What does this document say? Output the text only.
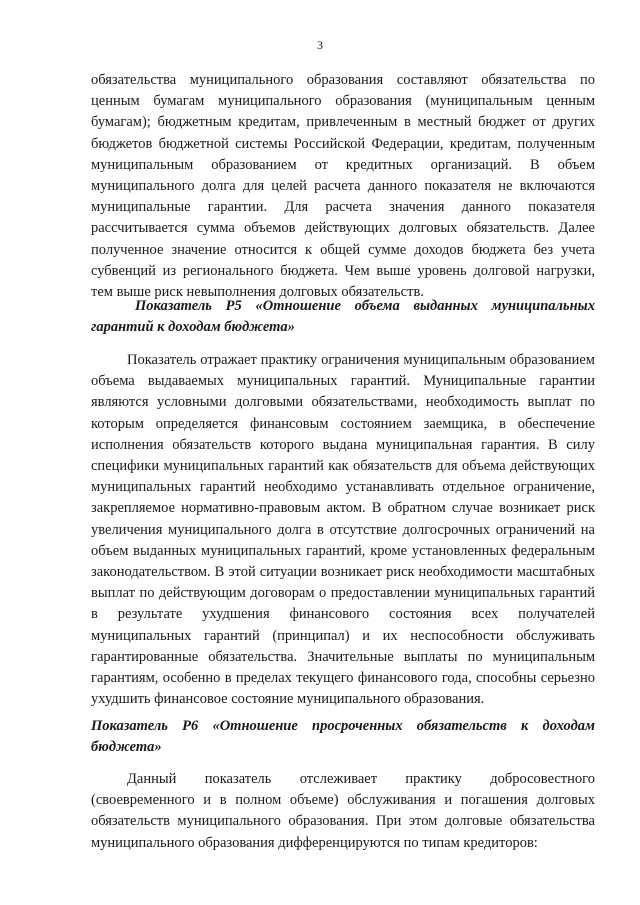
3

обязательства муниципального образования составляют обязательства по ценным бумагам муниципального образования (муниципальным ценным бумагам); бюджетным кредитам, привлеченным в местный бюджет от других бюджетов бюджетной системы Российской Федерации, кредитам, полученным муниципальным образованием от кредитных организаций. В объем муниципального долга для целей расчета данного показателя не включаются муниципальные гарантии. Для расчета значения данного показателя рассчитывается сумма объемов действующих долговых обязательств. Далее полученное значение относится к общей сумме доходов бюджета без учета субвенций из регионального бюджета. Чем выше уровень долговой нагрузки, тем выше риск невыполнения долговых обязательств.

Показатель Р5 «Отношение объема выданных муниципальных гарантий к доходам бюджета»

Показатель отражает практику ограничения муниципальным образованием объема выдаваемых муниципальных гарантий. Муниципальные гарантии являются условными долговыми обязательствами, необходимость выплат по которым определяется финансовым состоянием заемщика, в обеспечение исполнения обязательств которого выдана муниципальная гарантия. В силу специфики муниципальных гарантий как обязательств для объема действующих муниципальных гарантий необходимо устанавливать отдельное ограничение, закрепляемое нормативно-правовым актом. В обратном случае возникает риск увеличения муниципального долга в отсутствие долгосрочных ограничений на объем выданных муниципальных гарантий, кроме установленных федеральным законодательством. В этой ситуации возникает риск необходимости масштабных выплат по действующим договорам о предоставлении муниципальных гарантий в результате ухудшения финансового состояния всех получателей муниципальных гарантий (принципал) и их неспособности обслуживать гарантированные обязательства. Значительные выплаты по муниципальным гарантиям, особенно в пределах текущего финансового года, способны серьезно ухудшить финансовое состояние муниципального образования.

Показатель Р6 «Отношение просроченных обязательств к доходам бюджета»

Данный показатель отслеживает практику добросовестного (своевременного и в полном объеме) обслуживания и погашения долговых обязательств муниципального образования. При этом долговые обязательства муниципального образования дифференцируются по типам кредиторов:
